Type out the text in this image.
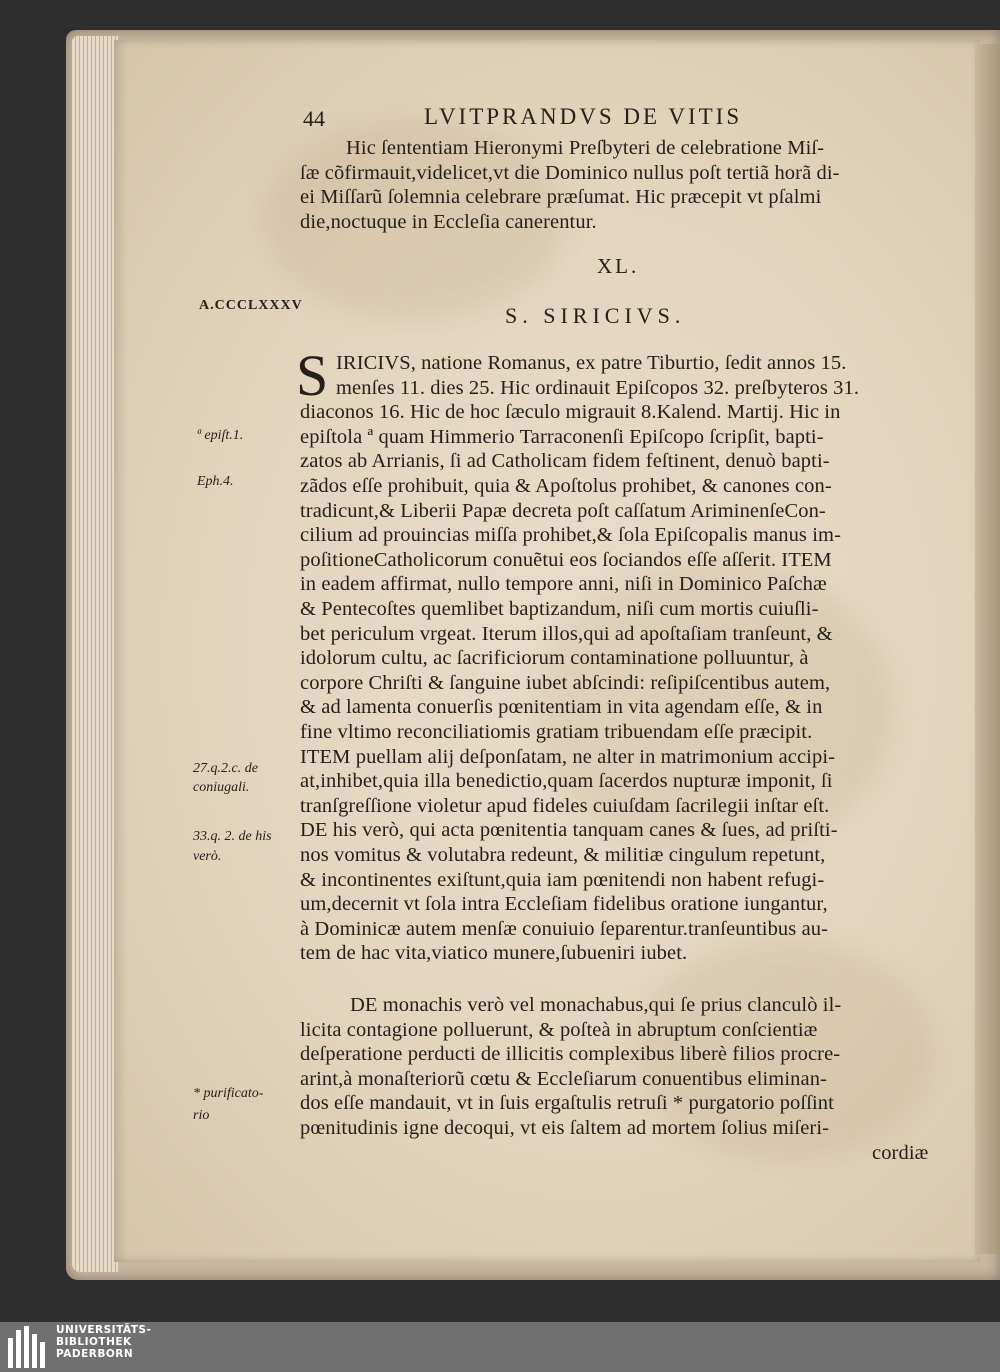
44	LVITPRANDVS DE VITIS
Hic ſententiam Hieronymi Preſbyteri de celebratione Miſ-
ſæ cõfirmauit,videlicet,vt die Dominico nullus poſt tertiã horã di-
ei Miſſarũ ſolemnia celebrare præſumat. Hic præcepit vt pſalmi
die,noctuque in Eccleſia canerentur.
XL.
A.CCCLXXXV	S. SIRICIVS.
S IRICIVS, natione Romanus, ex patre Tiburtio, ſedit annos 15.
menſes 11. dies 25. Hic ordinauit Epiſcopos 32. preſbyteros 31.
diaconos 16. Hic de hoc ſæculo migrauit 8.Kalend. Martij. Hic in
epiſtola ª quam Himmerio Tarraconenſi Epiſcopo ſcripſit, bapti-
zatos ab Arrianis, ſi ad Catholicam fidem feſtinent, denuò bapti-
zãdos eſſe prohibuit, quia & Apoſtolus prohibet, & canones con-
tradicunt,& Liberii Papæ decreta poſt caſſatum AriminenſeCon-
cilium ad prouincias miſſa prohibet,& ſola Epiſcopalis manus im-
poſitioneCatholicorum conuẽtui eos ſociandos eſſe aſſerit. ITEM
in eadem affirmat, nullo tempore anni, niſi in Dominico Paſchæ
& Pentecoſtes quemlibet baptizandum, niſi cum mortis cuiuſli-
bet periculum vrgeat. Iterum illos,qui ad apoſtaſiam tranſeunt, &
idolorum cultu, ac ſacrificiorum contaminatione polluuntur, à
corpore Chriſti & ſanguine iubet abſcindi: reſipiſcentibus autem,
& ad lamenta conuerſis pœnitentiam in vita agendam eſſe, & in
fine vltimo reconciliatiomis gratiam tribuendam eſſe præcipit.
ITEM puellam alij deſponſatam, ne alter in matrimonium accipi-
at,inhibet,quia illa benedictio,quam ſacerdos nupturæ imponit, ſi
tranſgreſſione violetur apud fideles cuiuſdam ſacrilegii inſtar eſt.
DE his verò, qui acta pœnitentia tanquam canes & ſues, ad priſti-
nos vomitus & volutabra redeunt, & militiæ cingulum repetunt,
& incontinentes exiſtunt,quia iam pœnitendi non habent refugi-
um,decernit vt ſola intra Eccleſiam fidelibus oratione iungantur,
à Dominicæ autem menſæ conuiuio ſeparentur.tranſeuntibus au-
tem de hac vita,viatico munere,ſubueniri iubet.
DE monachis verò vel monachabus,qui ſe prius clanculò il-
licita contagione polluerunt, & poſteà in abruptum conſcientiæ
deſperatione perducti de illicitis complexibus liberè filios procre-
arint,à monaſteriorũ cœtu & Eccleſiarum conuentibus eliminan-
dos eſſe mandauit, vt in ſuis ergaſtulis retruſi * purgatorio poſſint
pœnitudinis igne decoqui, vt eis ſaltem ad mortem ſolius miſeri-
cordiæ
ª epiſt.1.
Eph.4.
27.q.2.c. de
coniugali.
33.q. 2. de his
verò.
* purificato-
rio
UNIVERSITÄTS-
BIBLIOTHEK
PADERBORN
